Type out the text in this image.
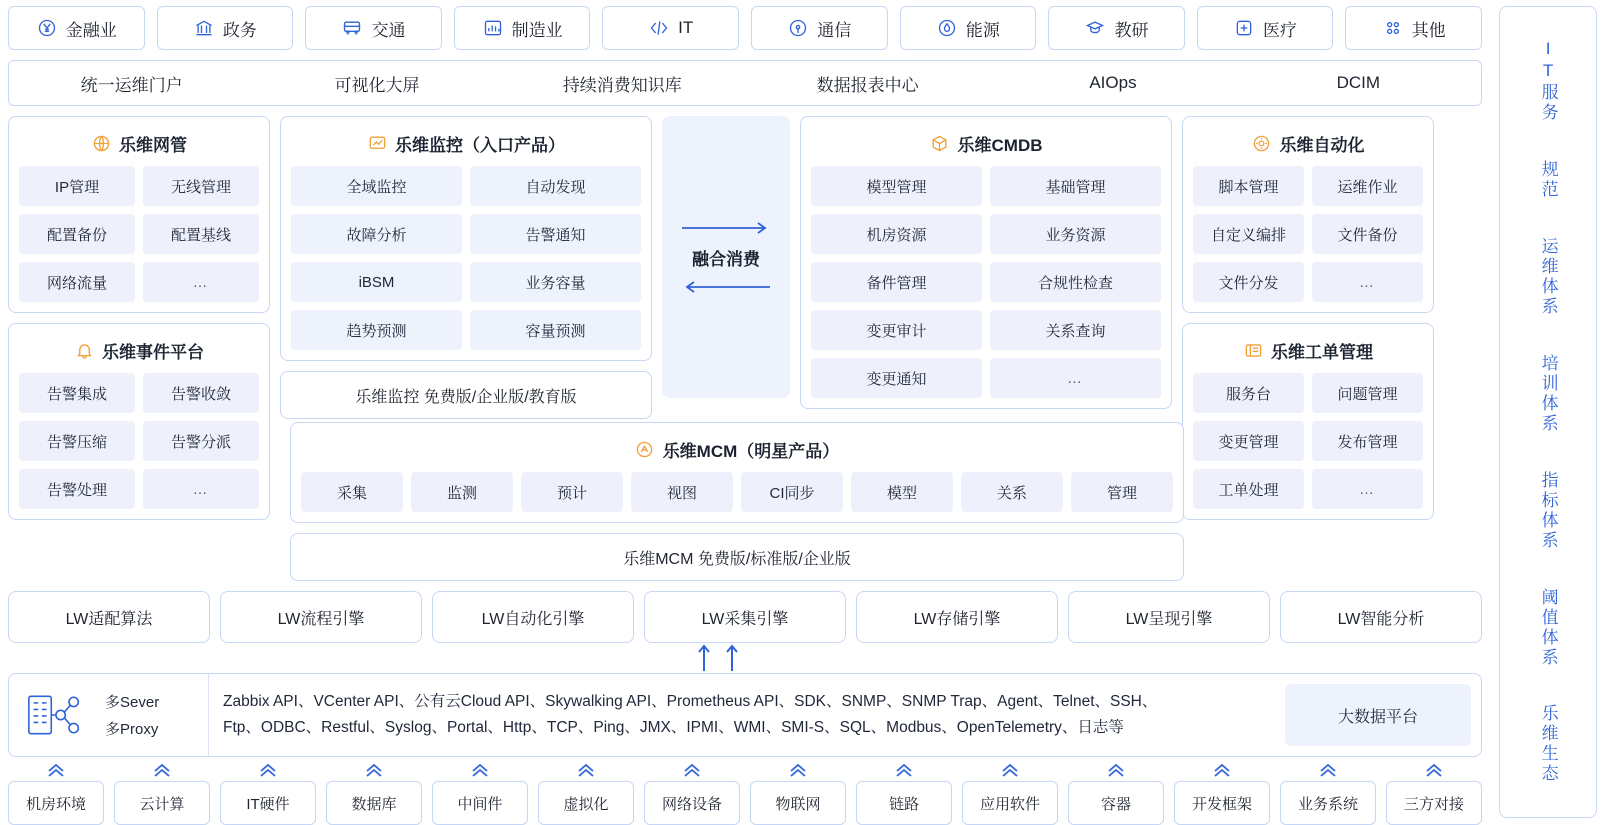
金融业	政务	交通	制造业	IT	通信	能源	教研	医疗	其他
统一运维门户	可视化大屏	持续消费知识库	数据报表中心	AIOps	DCIM
乐维网管
IP管理	无线管理
配置备份	配置基线
网络流量	…
乐维事件平台
告警集成	告警收敛
告警压缩	告警分派
告警处理	…
乐维监控（入口产品）
全域监控	自动发现
故障分析	告警通知
iBSM	业务容量
趋势预测	容量预测
乐维监控 免费版/企业版/教育版
融合消费
乐维CMDB
模型管理	基础管理
机房资源	业务资源
备件管理	合规性检查
变更审计	关系查询
变更通知	…
乐维自动化
脚本管理	运维作业
自定义编排	文件备份
文件分发	…
乐维工单管理
服务台	问题管理
变更管理	发布管理
工单处理	…
乐维MCM（明星产品）
采集	监测	预计	视图	CI同步	模型	关系	管理
乐维MCM 免费版/标准版/企业版
LW适配算法	LW流程引擎	LW自动化引擎	LW采集引擎	LW存储引擎	LW呈现引擎	LW智能分析
多Sever
多Proxy
Zabbix API、VCenter API、公有云Cloud API、Skywalking API、Prometheus API、SDK、SNMP、SNMP Trap、Agent、Telnet、SSH、
Ftp、ODBC、Restful、Syslog、Portal、Http、TCP、Ping、JMX、IPMI、WMI、SMI-S、SQL、Modbus、OpenTelemetry、日志等
大数据平台
机房环境	云计算	IT硬件	数据库	中间件	虚拟化	网络设备	物联网	链路	应用软件	容器	开发框架	业务系统	三方对接
IT服务
规范
运维体系
培训体系
指标体系
阈值体系
乐维生态
